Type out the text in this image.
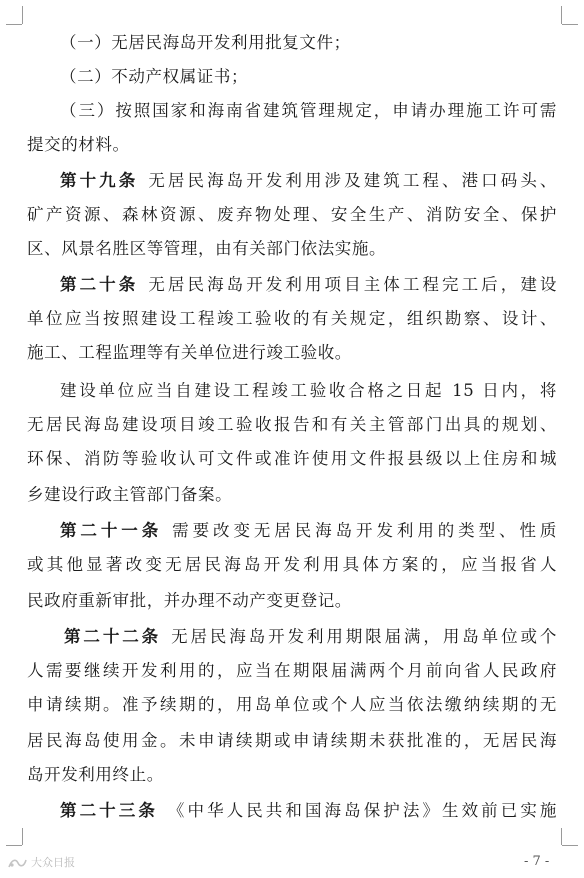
（一）无居民海岛开发利用批复文件；
（二）不动产权属证书；
（三）按照国家和海南省建筑管理规定，申请办理施工许可需
提交的材料。
第十九条 无居民海岛开发利用涉及建筑工程、港口码头、
矿产资源、森林资源、废弃物处理、安全生产、消防安全、保护
区、风景名胜区等管理，由有关部门依法实施。
第二十条 无居民海岛开发利用项目主体工程完工后，建设
单位应当按照建设工程竣工验收的有关规定，组织勘察、设计、
施工、工程监理等有关单位进行竣工验收。
建设单位应当自建设工程竣工验收合格之日起 15 日内，将
无居民海岛建设项目竣工验收报告和有关主管部门出具的规划、
环保、消防等验收认可文件或准许使用文件报县级以上住房和城
乡建设行政主管部门备案。
第二十一条 需要改变无居民海岛开发利用的类型、性质
或其他显著改变无居民海岛开发利用具体方案的，应当报省人
民政府重新审批，并办理不动产变更登记。
第二十二条 无居民海岛开发利用期限届满，用岛单位或个
人需要继续开发利用的，应当在期限届满两个月前向省人民政府
申请续期。准予续期的，用岛单位或个人应当依法缴纳续期的无
居民海岛使用金。未申请续期或申请续期未获批准的，无居民海
岛开发利用终止。
第二十三条 《中华人民共和国海岛保护法》生效前已实施
大众日报	- 7 -
